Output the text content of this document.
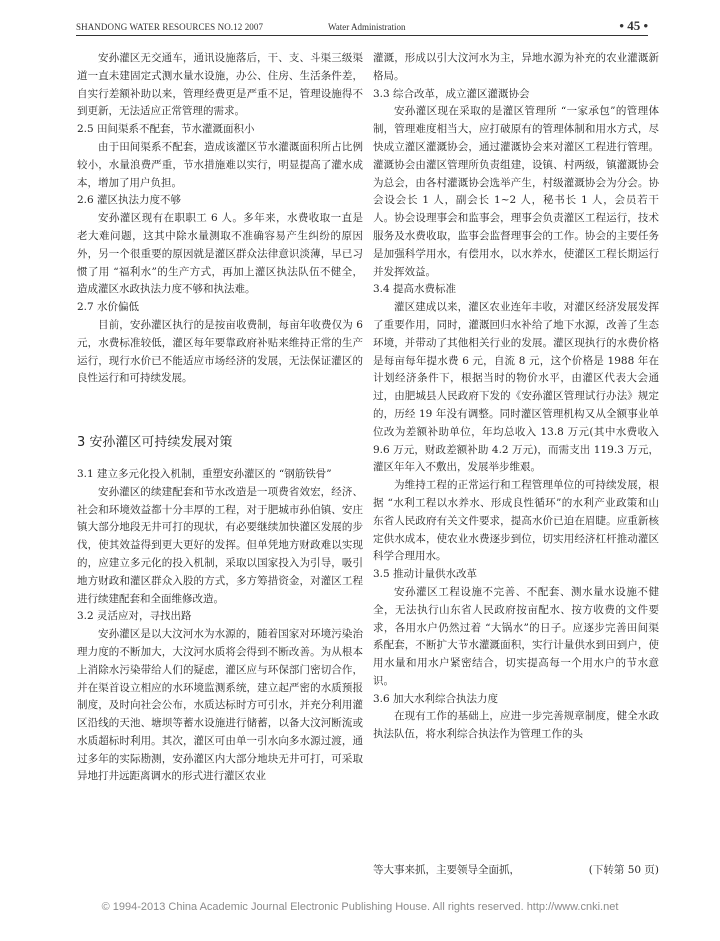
SHANDONG WATER RESOURCES NO.12 2007	Water Administration	• 45 •

安孙灌区无交通车，通讯设施落后，干、支、斗渠三级渠道一直未建固定式测水量水设施，办公、住房、生活条件差，自实行差额补助以来，管理经费更是严重不足，管理设施得不到更新，无法适应正常管理的需求。

2.5 田间渠系不配套，节水灌溉面积小

由于田间渠系不配套，造成该灌区节水灌溉面积所占比例较小，水量浪费严重，节水措施难以实行，明显提高了灌水成本，增加了用户负担。

2.6 灌区执法力度不够

安孙灌区现有在职职工 6 人。多年来，水费收取一直是老大难问题，这其中除水量测取不准确容易产生纠纷的原因外，另一个很重要的原因就是灌区群众法律意识淡薄，早已习惯了用 “福利水”的生产方式，再加上灌区执法队伍不健全，造成灌区水政执法力度不够和执法难。

2.7 水价偏低

目前，安孙灌区执行的是按亩收费制，每亩年收费仅为 6 元，水费标准较低，灌区每年要靠政府补贴来维持正常的生产运行，现行水价已不能适应市场经济的发展，无法保证灌区的良性运行和可持续发展。

3 安孙灌区可持续发展对策

3.1 建立多元化投入机制，重塑安孙灌区的 “钢筋铁骨”

安孙灌区的续建配套和节水改造是一项费省效宏，经济、社会和环境效益都十分丰厚的工程，对于肥城市孙伯镇、安庄镇大部分地段无井可打的现状，有必要继续加快灌区发展的步伐，使其效益得到更大更好的发挥。但单凭地方财政难以实现的，应建立多元化的投入机制，采取以国家投入为引导，吸引地方财政和灌区群众入股的方式，多方筹措资金，对灌区工程进行续建配套和全面维修改造。

3.2 灵活应对，寻找出路

安孙灌区是以大汶河水为水源的，随着国家对环境污染治理力度的不断加大，大汶河水质将会得到不断改善。为从根本上消除水污染带给人们的疑虑，灌区应与环保部门密切合作，并在渠首设立相应的水环境监测系统，建立起严密的水质预报制度，及时向社会公布，水质达标时方可引水，并充分利用灌区沿线的天池、塘坝等蓄水设施进行储蓄，以备大汶河断流或水质超标时利用。其次，灌区可由单一引水向多水源过渡，通过多年的实际勘测，安孙灌区内大部分地块无井可打，可采取异地打井远距离调水的形式进行灌区农业

灌溉，形成以引大汶河水为主，异地水源为补充的农业灌溉新格局。

3.3 综合改革，成立灌区灌溉协会

安孙灌区现在采取的是灌区管理所 “一家承包”的管理体制，管理难度相当大，应打破原有的管理体制和用水方式，尽快成立灌区灌溉协会，通过灌溉协会来对灌区工程进行管理。灌溉协会由灌区管理所负责组建，设镇、村两级，镇灌溉协会为总会，由各村灌溉协会选举产生，村级灌溉协会为分会。协会设会长 1 人，副会长 1~2 人，秘书长 1 人，会员若干人。协会设理事会和监事会，理事会负责灌区工程运行，技术服务及水费收取，监事会监督理事会的工作。协会的主要任务是加强科学用水，有偿用水，以水养水，使灌区工程长期运行并发挥效益。

3.4 提高水费标准

灌区建成以来，灌区农业连年丰收，对灌区经济发展发挥了重要作用，同时，灌溉回归水补给了地下水源，改善了生态环境，并带动了其他相关行业的发展。灌区现执行的水费价格是每亩每年提水费 6 元，自流 8 元，这个价格是 1988 年在计划经济条件下，根据当时的物价水平，由灌区代表大会通过，由肥城县人民政府下发的《安孙灌区管理试行办法》规定的，历经 19 年没有调整。同时灌区管理机构又从全额事业单位改为差额补助单位，年均总收入 13.8 万元(其中水费收入 9.6 万元，财政差额补助 4.2 万元)，而需支出 119.3 万元，灌区年年入不敷出，发展举步维艰。

为维持工程的正常运行和工程管理单位的可持续发展，根据 “水利工程以水养水、形成良性循环”的水利产业政策和山东省人民政府有关文件要求，提高水价已迫在眉睫。应重新核定供水成本，使农业水费逐步到位，切实用经济杠杆推动灌区科学合理用水。

3.5 推动计量供水改革

安孙灌区工程设施不完善、不配套、测水量水设施不健全，无法执行山东省人民政府按亩配水、按方收费的文件要求，各用水户仍然过着 “大锅水”的日子。应逐步完善田间渠系配套，不断扩大节水灌溉面积，实行计量供水到田到户，使用水量和用水户紧密结合，切实提高每一个用水户的节水意识。

3.6 加大水利综合执法力度

在现有工作的基础上，应进一步完善规章制度，健全水政执法队伍，将水利综合执法作为管理工作的头

等大事来抓，主要领导全面抓，	(下转第 50 页)
© 1994-2013 China Academic Journal Electronic Publishing House. All rights reserved. http://www.cnki.net
